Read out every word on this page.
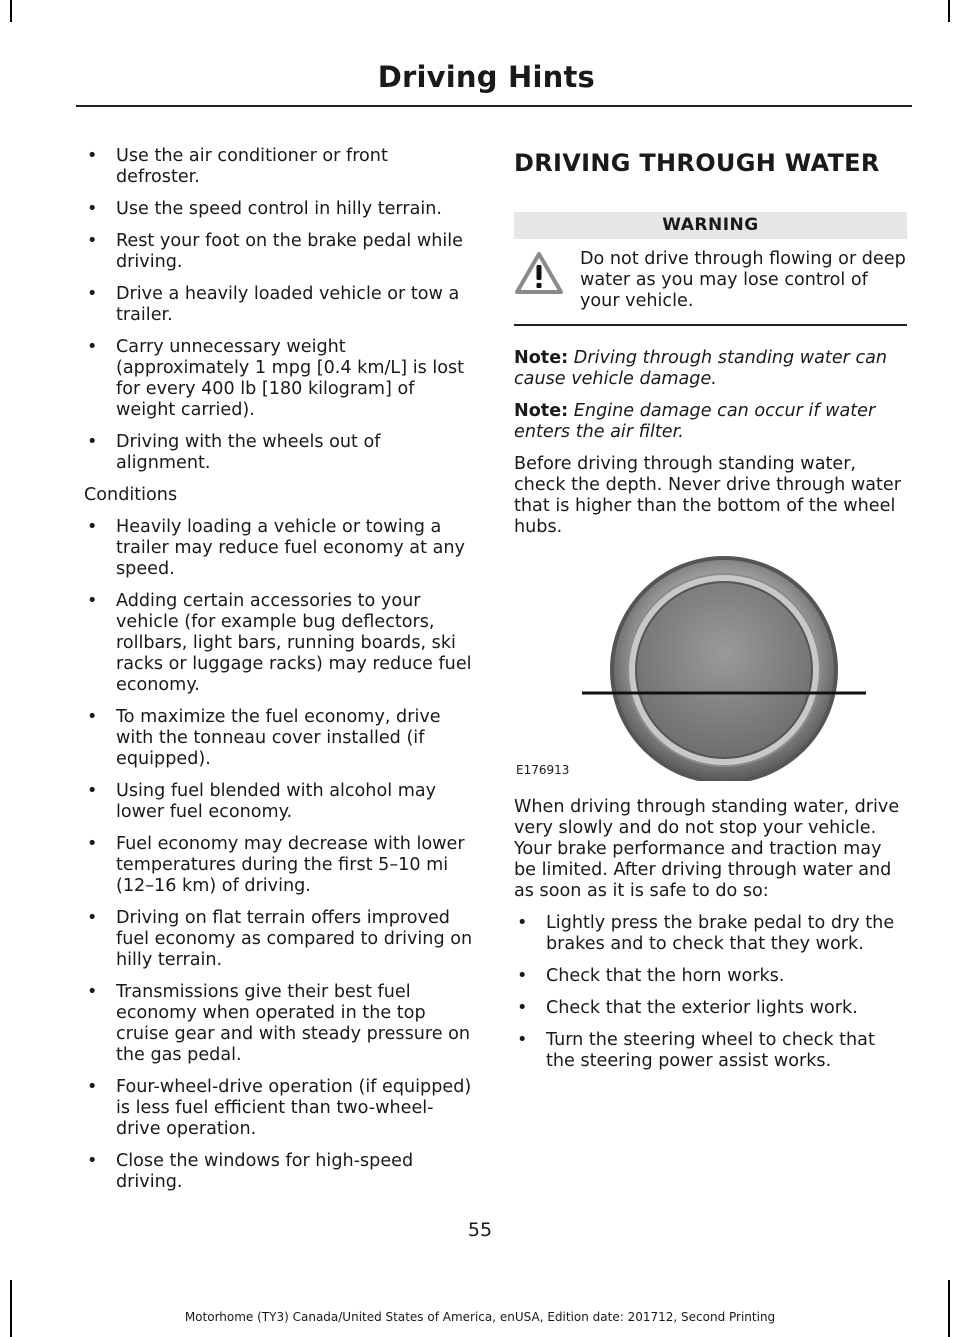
Driving Hints
• Use the air conditioner or front defroster.
• Use the speed control in hilly terrain.
• Rest your foot on the brake pedal while driving.
• Drive a heavily loaded vehicle or tow a trailer.
• Carry unnecessary weight (approximately 1 mpg [0.4 km/L] is lost for every 400 lb [180 kilogram] of weight carried).
• Driving with the wheels out of alignment.

Conditions

• Heavily loading a vehicle or towing a trailer may reduce fuel economy at any speed.
• Adding certain accessories to your vehicle (for example bug deflectors, rollbars, light bars, running boards, ski racks or luggage racks) may reduce fuel economy.
• To maximize the fuel economy, drive with the tonneau cover installed (if equipped).
• Using fuel blended with alcohol may lower fuel economy.
• Fuel economy may decrease with lower temperatures during the first 5–10 mi (12–16 km) of driving.
• Driving on flat terrain offers improved fuel economy as compared to driving on hilly terrain.
• Transmissions give their best fuel economy when operated in the top cruise gear and with steady pressure on the gas pedal.
• Four-wheel-drive operation (if equipped) is less fuel efficient than two-wheel-drive operation.
• Close the windows for high-speed driving.
DRIVING THROUGH WATER
WARNING
Do not drive through flowing or deep water as you may lose control of your vehicle.

Note: Driving through standing water can cause vehicle damage.

Note: Engine damage can occur if water enters the air filter.

Before driving through standing water, check the depth. Never drive through water that is higher than the bottom of the wheel hubs.

E176913

When driving through standing water, drive very slowly and do not stop your vehicle. Your brake performance and traction may be limited. After driving through water and as soon as it is safe to do so:

• Lightly press the brake pedal to dry the brakes and to check that they work.
• Check that the horn works.
• Check that the exterior lights work.
• Turn the steering wheel to check that the steering power assist works.
55
Motorhome (TY3) Canada/United States of America, enUSA, Edition date: 201712, Second Printing
